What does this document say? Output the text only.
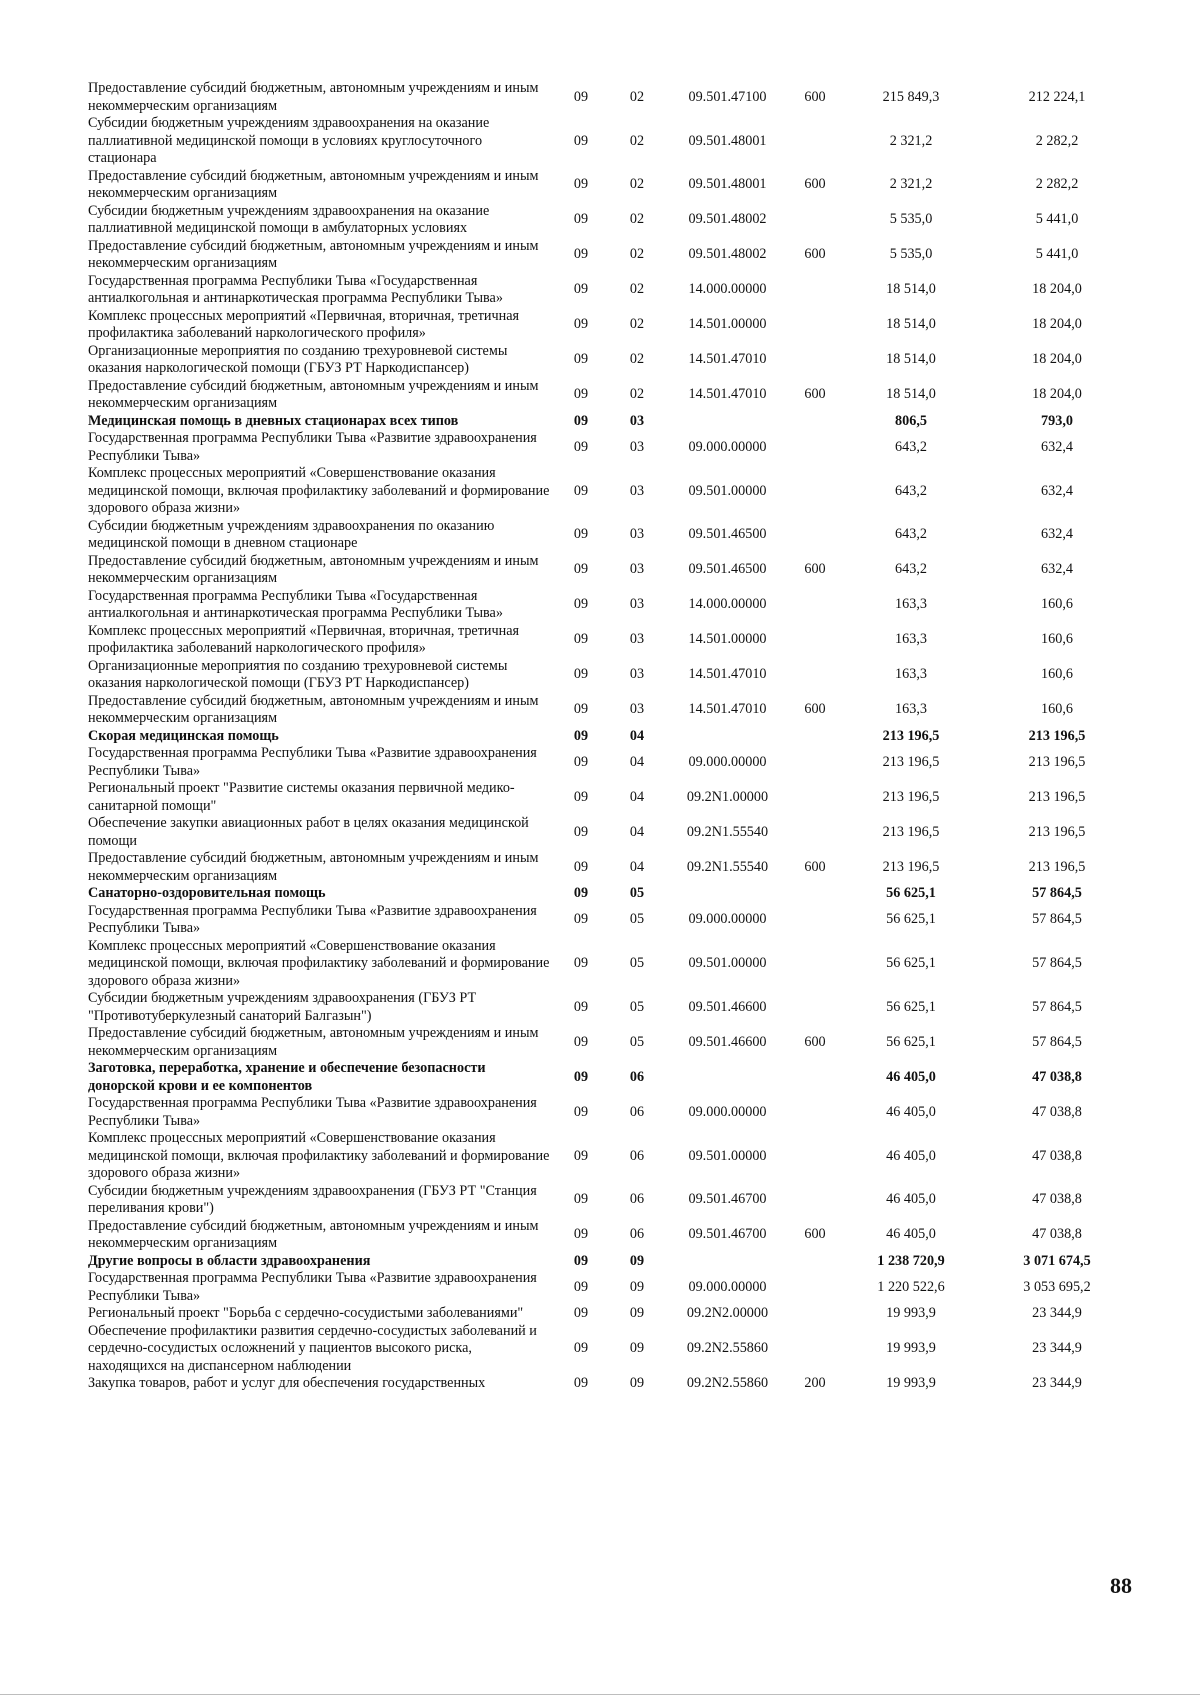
Предоставление субсидий бюджетным, автономным учреждениям и иным некоммерческим организациям	09	02	09.501.47100	600	215 849,3	212 224,1
Субсидии бюджетным учреждениям здравоохранения на оказание паллиативной медицинской помощи в условиях круглосуточного стационара	09	02	09.501.48001		2 321,2	2 282,2
Предоставление субсидий бюджетным, автономным учреждениям и иным некоммерческим организациям	09	02	09.501.48001	600	2 321,2	2 282,2
Субсидии бюджетным учреждениям здравоохранения на оказание паллиативной медицинской помощи в амбулаторных условиях	09	02	09.501.48002		5 535,0	5 441,0
Предоставление субсидий бюджетным, автономным учреждениям и иным некоммерческим организациям	09	02	09.501.48002	600	5 535,0	5 441,0
Государственная программа Республики Тыва «Государственная антиалкогольная и антинаркотическая программа Республики Тыва»	09	02	14.000.00000		18 514,0	18 204,0
Комплекс процессных мероприятий «Первичная, вторичная, третичная профилактика заболеваний наркологического профиля»	09	02	14.501.00000		18 514,0	18 204,0
Организационные мероприятия по созданию трехуровневой системы оказания наркологической помощи (ГБУЗ РТ Наркодиспансер)	09	02	14.501.47010		18 514,0	18 204,0
Предоставление субсидий бюджетным, автономным учреждениям и иным некоммерческим организациям	09	02	14.501.47010	600	18 514,0	18 204,0
Медицинская помощь в дневных стационарах всех типов	09	03			806,5	793,0
Государственная программа Республики Тыва «Развитие здравоохранения Республики Тыва»	09	03	09.000.00000		643,2	632,4
Комплекс процессных мероприятий «Совершенствование оказания медицинской помощи, включая профилактику заболеваний и формирование здорового образа жизни»	09	03	09.501.00000		643,2	632,4
Субсидии бюджетным учреждениям здравоохранения по оказанию медицинской помощи в дневном стационаре	09	03	09.501.46500		643,2	632,4
Предоставление субсидий бюджетным, автономным учреждениям и иным некоммерческим организациям	09	03	09.501.46500	600	643,2	632,4
Государственная программа Республики Тыва «Государственная антиалкогольная и антинаркотическая программа Республики Тыва»	09	03	14.000.00000		163,3	160,6
Комплекс процессных мероприятий «Первичная, вторичная, третичная профилактика заболеваний наркологического профиля»	09	03	14.501.00000		163,3	160,6
Организационные мероприятия по созданию трехуровневой системы оказания наркологической помощи (ГБУЗ РТ Наркодиспансер)	09	03	14.501.47010		163,3	160,6
Предоставление субсидий бюджетным, автономным учреждениям и иным некоммерческим организациям	09	03	14.501.47010	600	163,3	160,6
Скорая медицинская помощь	09	04			213 196,5	213 196,5
Государственная программа Республики Тыва «Развитие здравоохранения Республики Тыва»	09	04	09.000.00000		213 196,5	213 196,5
Региональный проект "Развитие системы оказания первичной медико-санитарной помощи"	09	04	09.2N1.00000		213 196,5	213 196,5
Обеспечение закупки авиационных работ в целях оказания медицинской помощи	09	04	09.2N1.55540		213 196,5	213 196,5
Предоставление субсидий бюджетным, автономным учреждениям и иным некоммерческим организациям	09	04	09.2N1.55540	600	213 196,5	213 196,5
Санаторно-оздоровительная помощь	09	05			56 625,1	57 864,5
Государственная программа Республики Тыва «Развитие здравоохранения Республики Тыва»	09	05	09.000.00000		56 625,1	57 864,5
Комплекс процессных мероприятий «Совершенствование оказания медицинской помощи, включая профилактику заболеваний и формирование здорового образа жизни»	09	05	09.501.00000		56 625,1	57 864,5
Субсидии бюджетным учреждениям здравоохранения (ГБУЗ РТ "Противотуберкулезный санаторий Балгазын")	09	05	09.501.46600		56 625,1	57 864,5
Предоставление субсидий бюджетным, автономным учреждениям и иным некоммерческим организациям	09	05	09.501.46600	600	56 625,1	57 864,5
Заготовка, переработка, хранение и обеспечение безопасности донорской крови и ее компонентов	09	06			46 405,0	47 038,8
Государственная программа Республики Тыва «Развитие здравоохранения Республики Тыва»	09	06	09.000.00000		46 405,0	47 038,8
Комплекс процессных мероприятий «Совершенствование оказания медицинской помощи, включая профилактику заболеваний и формирование здорового образа жизни»	09	06	09.501.00000		46 405,0	47 038,8
Субсидии бюджетным учреждениям здравоохранения (ГБУЗ РТ "Станция переливания крови")	09	06	09.501.46700		46 405,0	47 038,8
Предоставление субсидий бюджетным, автономным учреждениям и иным некоммерческим организациям	09	06	09.501.46700	600	46 405,0	47 038,8
Другие вопросы в области здравоохранения	09	09			1 238 720,9	3 071 674,5
Государственная программа Республики Тыва «Развитие здравоохранения Республики Тыва»	09	09	09.000.00000		1 220 522,6	3 053 695,2
Региональный проект "Борьба с сердечно-сосудистыми заболеваниями"	09	09	09.2N2.00000		19 993,9	23 344,9
Обеспечение профилактики развития сердечно-сосудистых заболеваний и сердечно-сосудистых осложнений у пациентов высокого риска, находящихся на диспансерном наблюдении	09	09	09.2N2.55860		19 993,9	23 344,9
Закупка товаров, работ и услуг для обеспечения государственных	09	09	09.2N2.55860	200	19 993,9	23 344,9
88
